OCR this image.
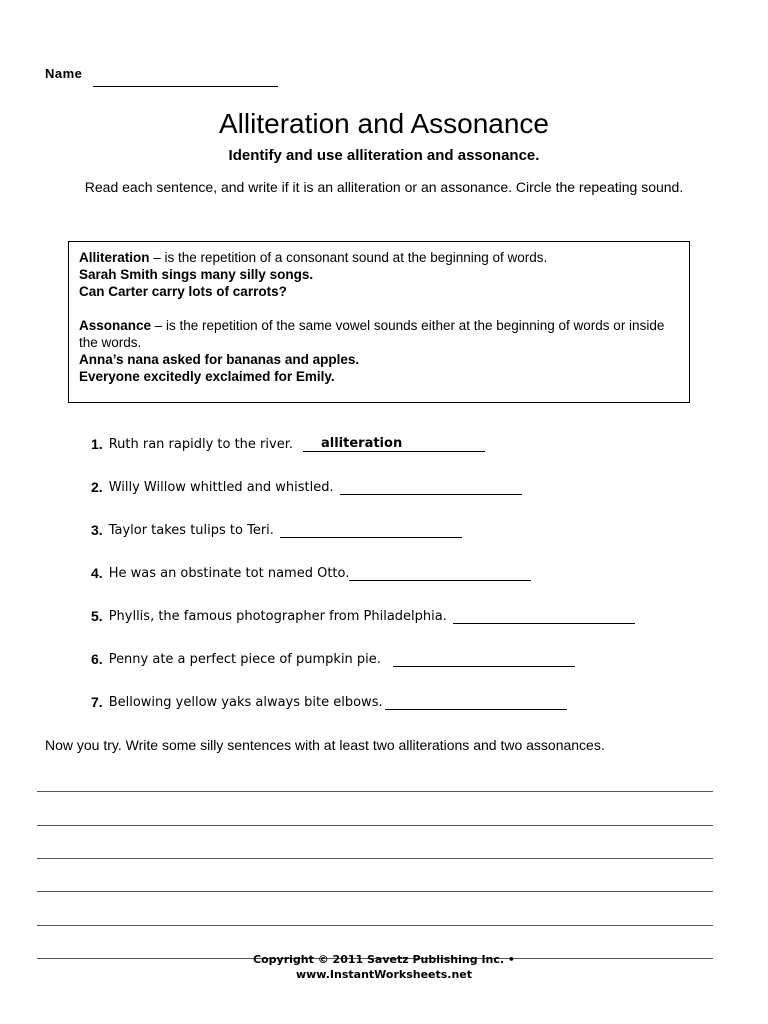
Name
Alliteration and Assonance
Identify and use alliteration and assonance.
Read each sentence, and write if it is an alliteration or an assonance. Circle the repeating sound.

Alliteration – is the repetition of a consonant sound at the beginning of words.

Sarah Smith sings many silly songs.

Can Carter carry lots of carrots?

Assonance – is the repetition of the same vowel sounds either at the beginning of words or inside the words.

Anna’s nana asked for bananas and apples.

Everyone excitedly exclaimed for Emily.

1. Ruth ran rapidly to the river. alliteration
2. Willy Willow whittled and whistled.
3. Taylor takes tulips to Teri.
4. He was an obstinate tot named Otto.
5. Phyllis, the famous photographer from Philadelphia.
6. Penny ate a perfect piece of pumpkin pie.
7. Bellowing yellow yaks always bite elbows.
Now you try. Write some silly sentences with at least two alliterations and two assonances.
Copyright © 2011 Savetz Publishing Inc. •
www.InstantWorksheets.net
